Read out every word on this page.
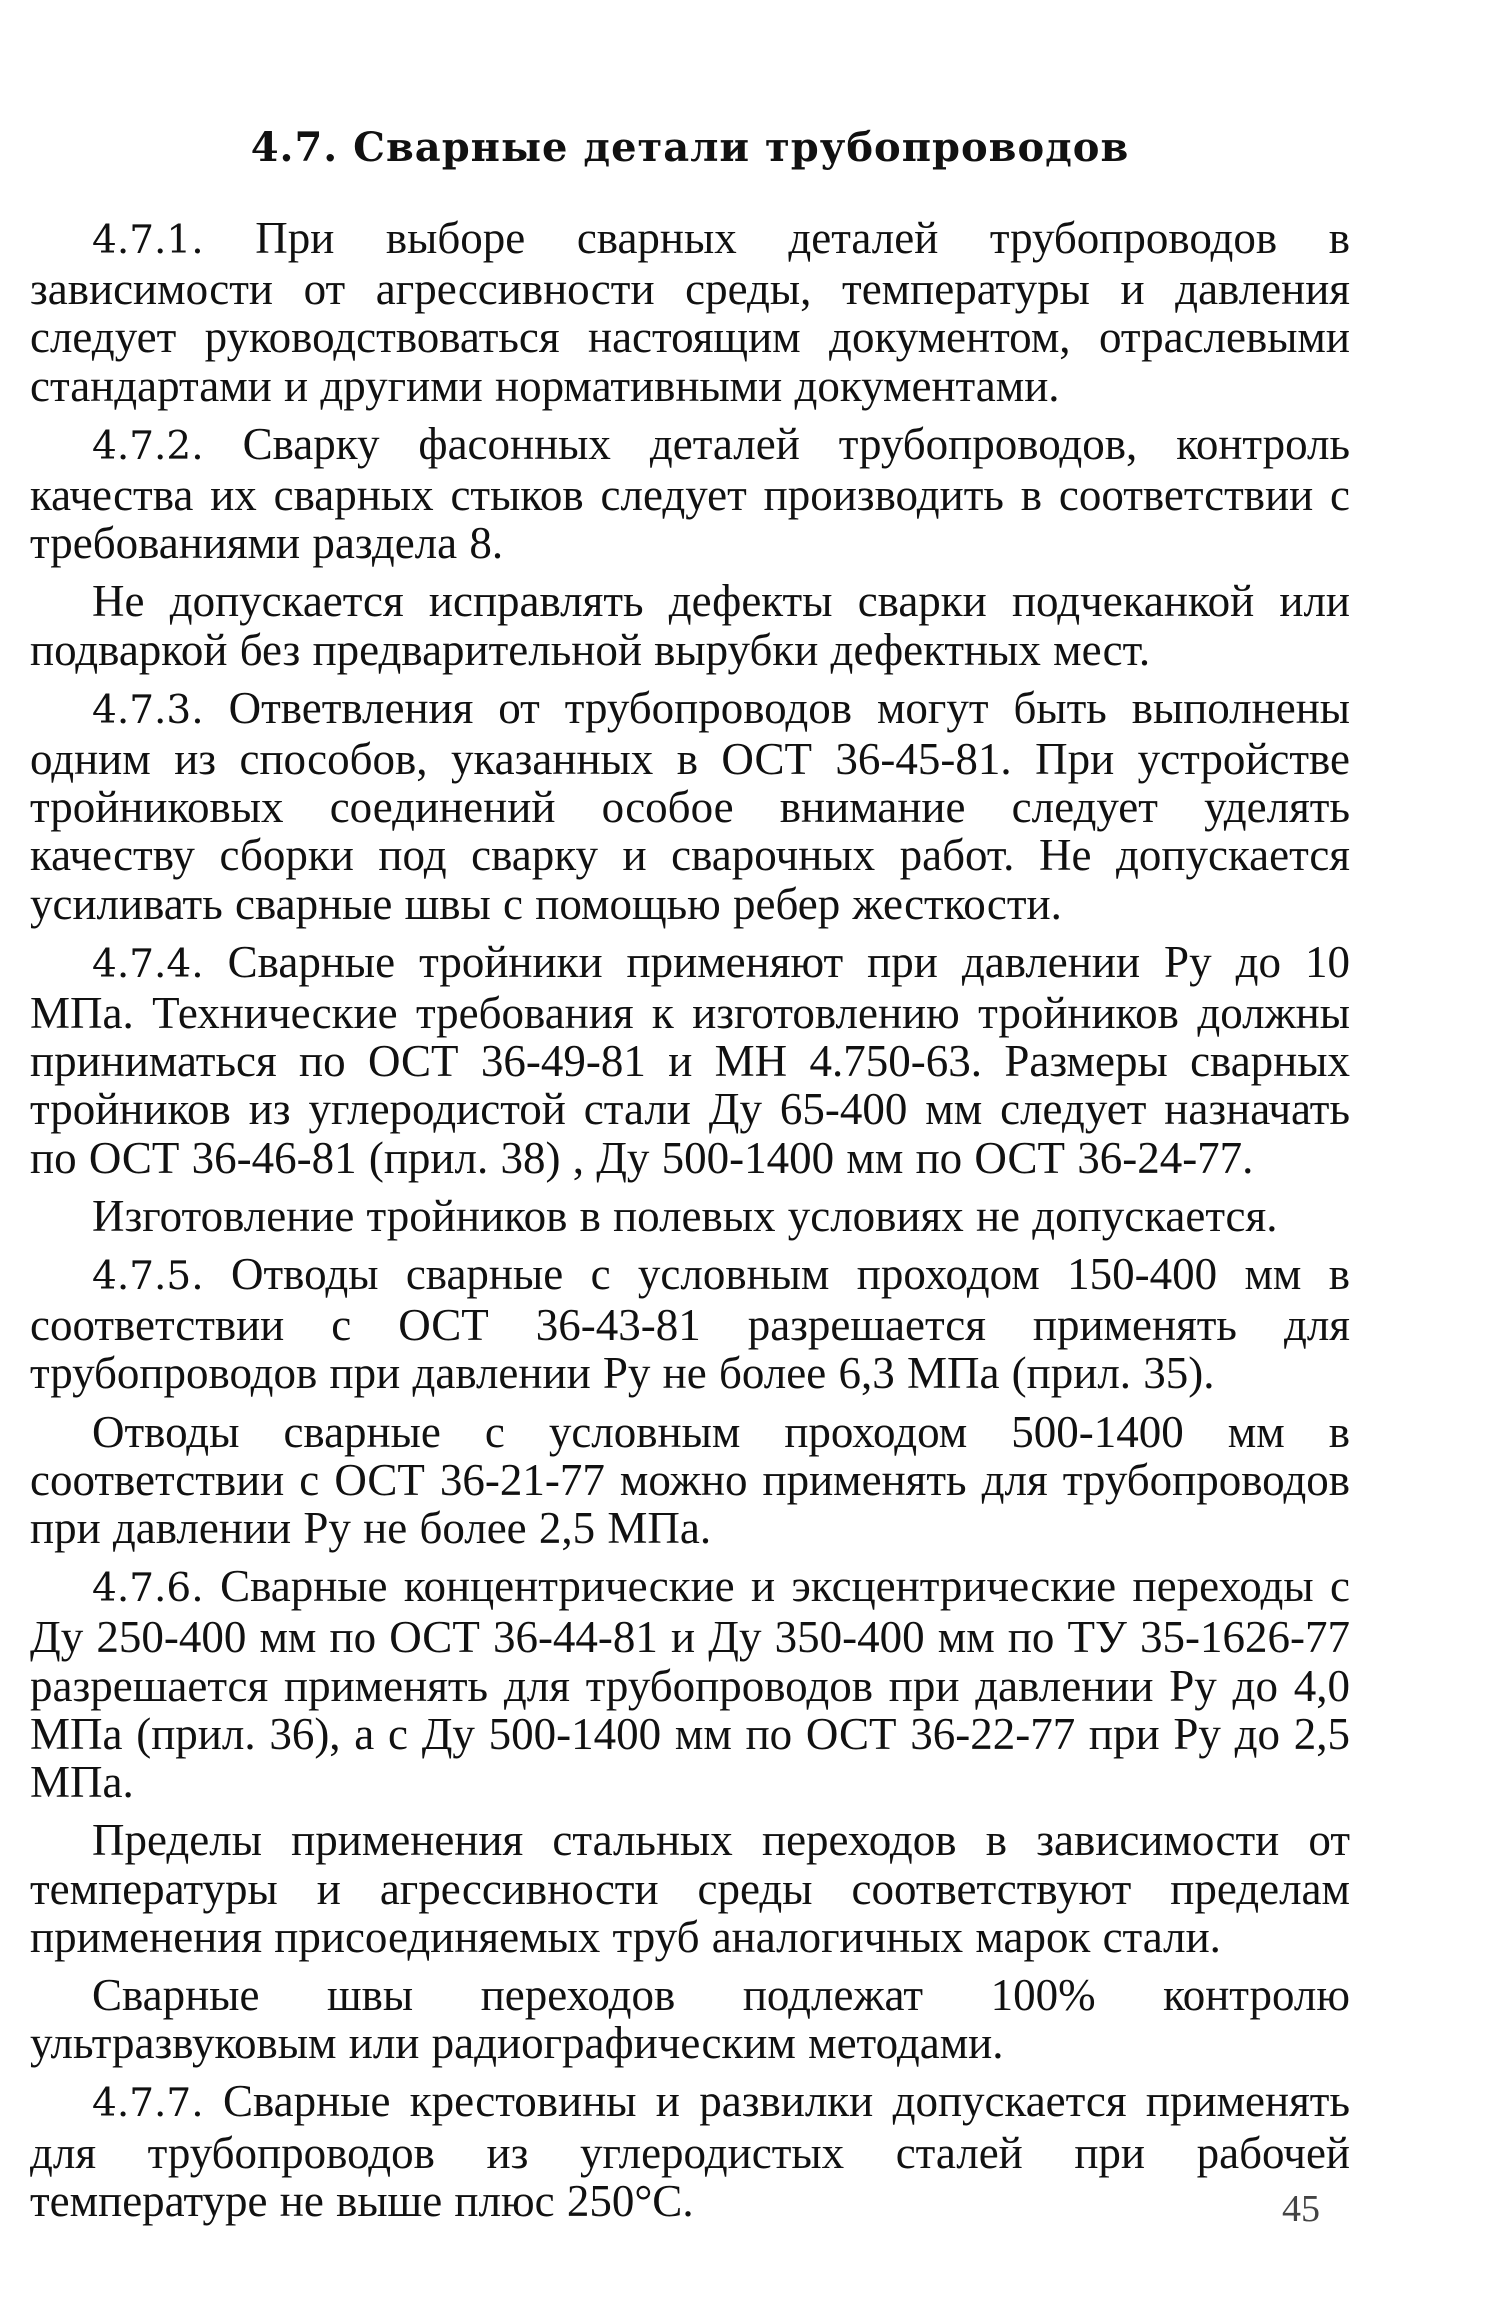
4.7. Сварные детали трубопроводов

4.7.1. При выборе сварных деталей трубопроводов в зависимости от агрессивности среды, температуры и давления следует руководствоваться настоящим документом, отраслевыми стандартами и другими нормативными документами.

4.7.2. Сварку фасонных деталей трубопроводов, контроль качества их сварных стыков следует производить в соответствии с требованиями раздела 8.

Не допускается исправлять дефекты сварки подчеканкой или подваркой без предварительной вырубки дефектных мест.

4.7.3. Ответвления от трубопроводов могут быть выполнены одним из способов, указанных в ОСТ 36-45-81. При устройстве тройниковых соединений особое внимание следует уделять качеству сборки под сварку и сварочных работ. Не допускается усиливать сварные швы с помощью ребер жесткости.

4.7.4. Сварные тройники применяют при давлении Ру до 10 МПа. Технические требования к изготовлению тройников должны приниматься по ОСТ 36-49-81 и МН 4.750-63. Размеры сварных тройников из углеродистой стали Ду 65-400 мм следует назначать по ОСТ 36-46-81 (прил. 38) , Ду 500-1400 мм по ОСТ 36-24-77.

Изготовление тройников в полевых условиях не допускается.

4.7.5. Отводы сварные с условным проходом 150-400 мм в соответствии с ОСТ 36-43-81 разрешается применять для трубопроводов при давлении Ру не более 6,3 МПа (прил. 35).

Отводы сварные с условным проходом 500-1400 мм в соответствии с ОСТ 36-21-77 можно применять для трубопроводов при давлении Ру не более 2,5 МПа.

4.7.6. Сварные концентрические и эксцентрические переходы с Ду 250-400 мм по ОСТ 36-44-81 и Ду 350-400 мм по ТУ 35-1626-77 разрешается применять для трубопроводов при давлении Ру до 4,0 МПа (прил. 36), а с Ду 500-1400 мм по ОСТ 36-22-77 при Ру до 2,5 МПа.

Пределы применения стальных переходов в зависимости от температуры и агрессивности среды соответствуют пределам применения присоединяемых труб аналогичных марок стали.

Сварные швы переходов подлежат 100% контролю ультразвуковым или радиографическим методами.

4.7.7. Сварные крестовины и развилки допускается применять для трубопроводов из углеродистых сталей при рабочей температуре не выше плюс 250°С.	45
